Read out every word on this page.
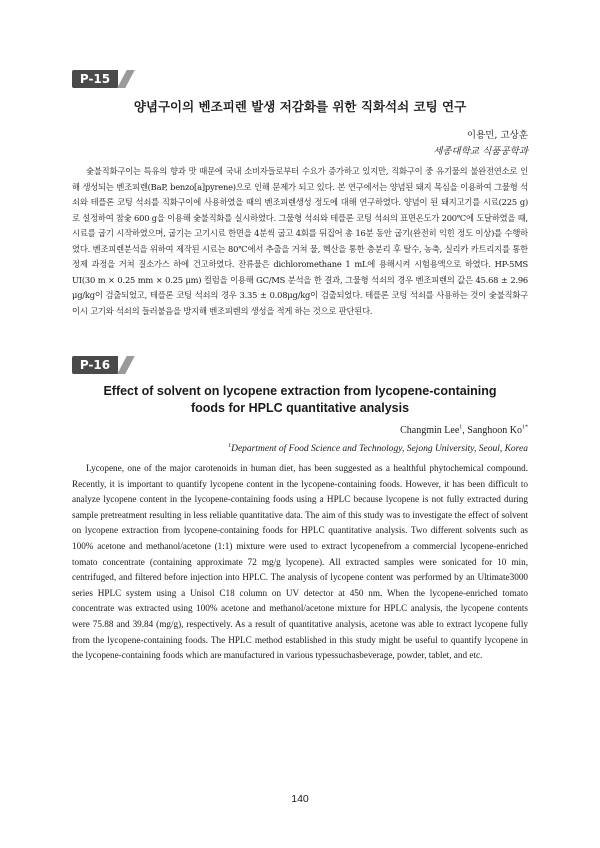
P-15
양념구이의 벤조피렌 발생 저감화를 위한 직화석쇠 코팅 연구
이용민, 고상훈
세종대학교 식품공학과
숯불직화구이는 특유의 향과 맛 때문에 국내 소비자들로부터 수요가 증가하고 있지만, 직화구이 중 유기물의 불완전연소로 인해 생성되는 벤조피렌(BaP, benzo[a]pyrene)으로 인해 문제가 되고 있다. 본 연구에서는 양념된 돼지 목심을 이용하여 그물형 석쇠와 테플론 코팅 석쇠를 직화구이에 사용하였을 때의 벤조피렌생성 정도에 대해 연구하였다. 양념이 된 돼지고기를 시료(225 g)로 설정하여 참숯 600 g을 이용해 숯불직화를 실시하였다. 그물형 석쇠와 테플론 코팅 석쇠의 표면온도가 200℃에 도달하였을 때, 시료를 굽기 시작하였으며, 굽기는 고기시료 한면을 4분씩 굽고 4회를 뒤집어 총 16분 동안 굽기(완전히 익힌 정도 이상)를 수행하였다. 벤조피렌분석을 위하여 제작된 시료는 80℃에서 추출을 거쳐 물, 헥산을 통한 층분리 후 탈수, 농축, 실리카 카트리지를 통한 정제 과정을 거쳐 질소가스 하에 건고하였다. 잔류물은 dichloromethane 1 mL에 용해시켜 시험용액으로 하였다. HP-5MS UI(30 m × 0.25 mm × 0.25 μm) 컬럼을 이용해 GC/MS 분석을 한 결과, 그물형 석쇠의 경우 벤조피렌의 값은 45.68 ± 2.96 μg/kg이 검출되었고, 테플론 코팅 석쇠의 경우 3.35 ± 0.08μg/kg이 검출되었다. 테플론 코팅 석쇠를 사용하는 것이 숯불직화구이시 고기와 석쇠의 들러붙음을 방지해 벤조피렌의 생성을 적게 하는 것으로 판단된다.
P-16
Effect of solvent on lycopene extraction from lycopene-containing
foods for HPLC quantitative analysis
Changmin Lee$^1$, Sanghoon $Ko^{1*}$
$^1$Department of Food Science and Technology, Sejong University, Seoul, Korea
Lycopene, one of the major carotenoids in human diet, has been suggested as a healthful phytochemical compound. Recently, it is important to quantify lycopene content in the lycopene-containing foods. However, it has been difficult to analyze lycopene content in the lycopene-containing foods using a HPLC because lycopene is not fully extracted during sample pretreatment resulting in less reliable quantitative data. The aim of this study was to investigate the effect of solvent on lycopene extraction from lycopene-containing foods for HPLC quantitative analysis. Two different solvents such as 100% acetone and methanol/acetone (1:1) mixture were used to extract lycopenefrom a commercial lycopene-enriched tomato concentrate (containing approximate 72 mg/g lycopene). All extracted samples were sonicated for 10 min, centrifuged, and filtered before injection into HPLC. The analysis of lycopene content was performed by an Ultimate3000 series HPLC system using a Unisol C18 column on UV detector at 450 nm. When the lycopene-enriched tomato concentrate was extracted using 100% acetone and methanol/acetone mixture for HPLC analysis, the lycopene contents were 75.88 and 39.84 (mg/g), respectively. As a result of quantitative analysis, acetone was able to extract lycopene fully from the lycopene-containing foods. The HPLC method established in this study might be useful to quantify lycopene in the lycopene-containing foods which are manufactured in various typessuchasbeverage, powder, tablet, and etc.
140
